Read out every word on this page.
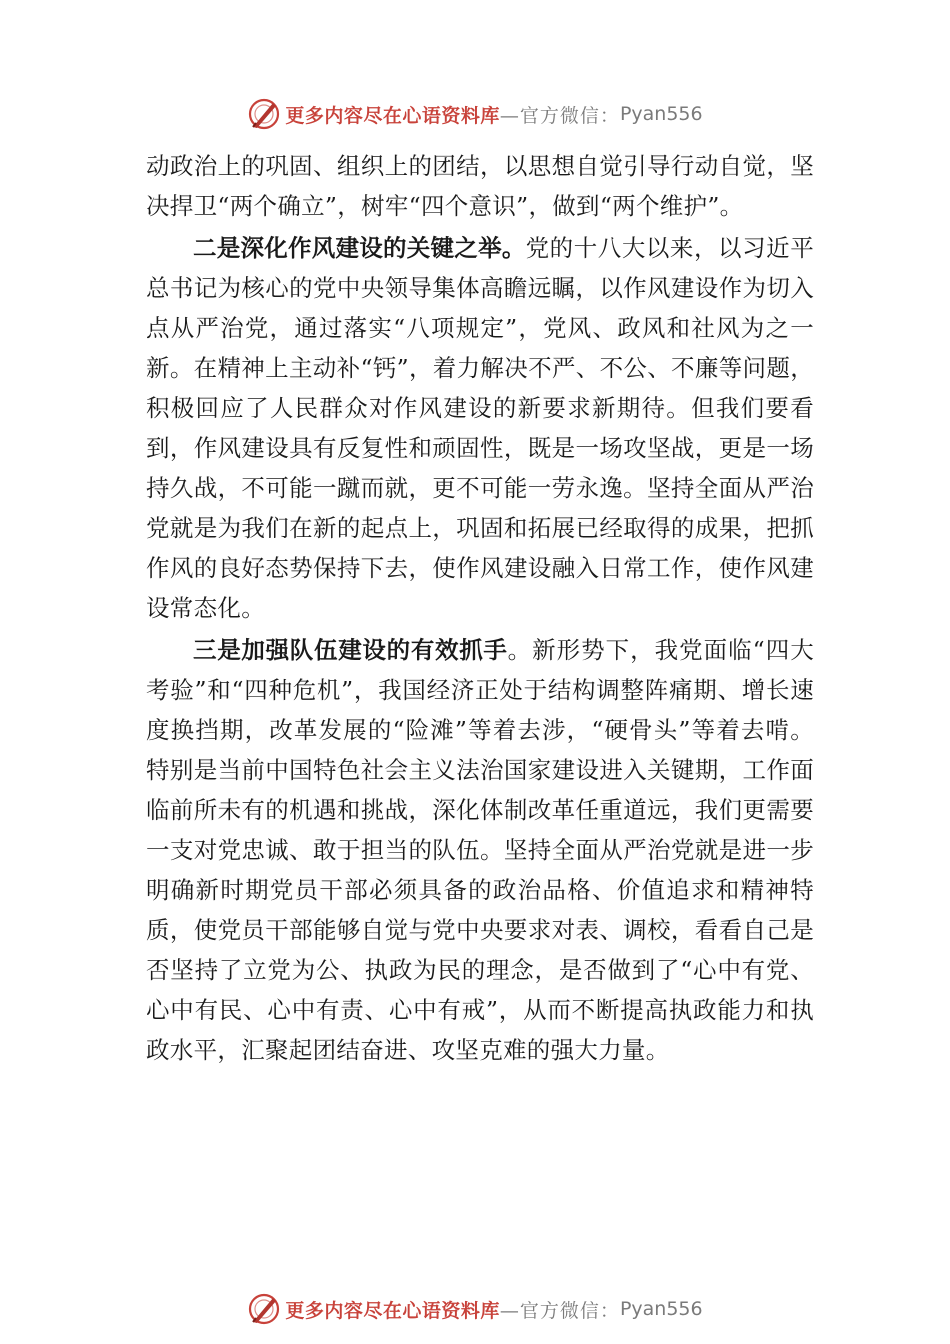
更多内容尽在心语资料库 —官方微信： Pyan556

动政治上的巩固、组织上的团结，以思想自觉引导行动自觉，坚决捍卫“两个确立”，树牢“四个意识”，做到“两个维护”。

二是深化作风建设的关键之举。党的十八大以来，以习近平总书记为核心的党中央领导集体高瞻远瞩，以作风建设作为切入点从严治党，通过落实“八项规定”，党风、政风和社风为之一新。在精神上主动补“钙”，着力解决不严、不公、不廉等问题，积极回应了人民群众对作风建设的新要求新期待。但我们要看到，作风建设具有反复性和顽固性，既是一场攻坚战，更是一场持久战，不可能一蹴而就，更不可能一劳永逸。坚持全面从严治党就是为我们在新的起点上，巩固和拓展已经取得的成果，把抓作风的良好态势保持下去，使作风建设融入日常工作，使作风建设常态化。

三是加强队伍建设的有效抓手。新形势下，我党面临“四大考验”和“四种危机”，我国经济正处于结构调整阵痛期、增长速度换挡期，改革发展的“险滩”等着去涉，“硬骨头”等着去啃。特别是当前中国特色社会主义法治国家建设进入关键期，工作面临前所未有的机遇和挑战，深化体制改革任重道远，我们更需要一支对党忠诚、敢于担当的队伍。坚持全面从严治党就是进一步明确新时期党员干部必须具备的政治品格、价值追求和精神特质，使党员干部能够自觉与党中央要求对表、调校，看看自己是否坚持了立党为公、执政为民的理念，是否做到了“心中有党、心中有民、心中有责、心中有戒”，从而不断提高执政能力和执政水平，汇聚起团结奋进、攻坚克难的强大力量。

更多内容尽在心语资料库 —官方微信： Pyan556
